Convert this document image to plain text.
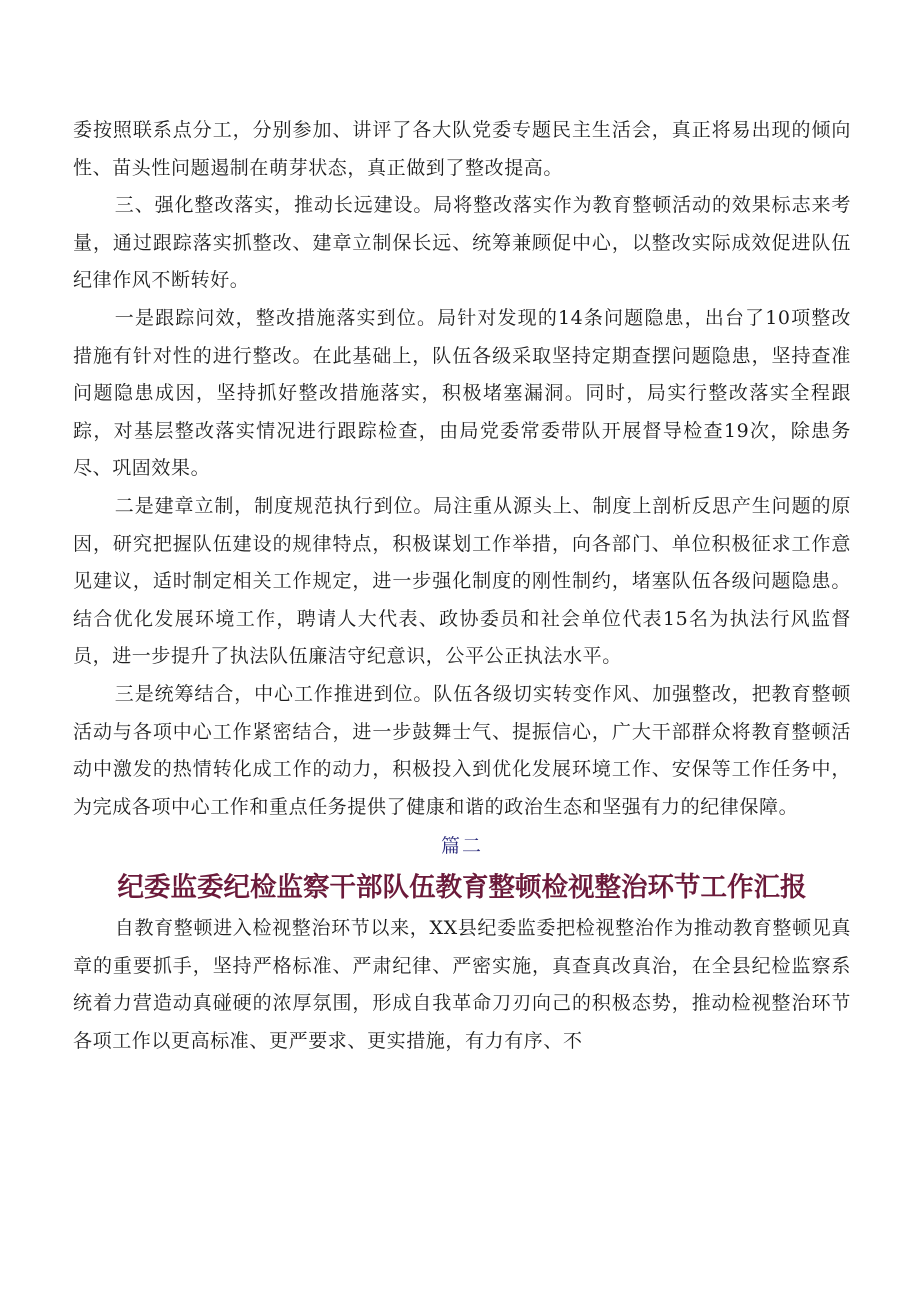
委按照联系点分工，分别参加、讲评了各大队党委专题民主生活会，真正将易出现的倾向性、苗头性问题遏制在萌芽状态，真正做到了整改提高。

三、强化整改落实，推动长远建设。局将整改落实作为教育整顿活动的效果标志来考量，通过跟踪落实抓整改、建章立制保长远、统筹兼顾促中心，以整改实际成效促进队伍纪律作风不断转好。

一是跟踪问效，整改措施落实到位。局针对发现的14条问题隐患，出台了10项整改措施有针对性的进行整改。在此基础上，队伍各级采取坚持定期查摆问题隐患，坚持查准问题隐患成因，坚持抓好整改措施落实，积极堵塞漏洞。同时，局实行整改落实全程跟踪，对基层整改落实情况进行跟踪检查，由局党委常委带队开展督导检查19次，除患务尽、巩固效果。

二是建章立制，制度规范执行到位。局注重从源头上、制度上剖析反思产生问题的原因，研究把握队伍建设的规律特点，积极谋划工作举措，向各部门、单位积极征求工作意见建议，适时制定相关工作规定，进一步强化制度的刚性制约，堵塞队伍各级问题隐患。结合优化发展环境工作，聘请人大代表、政协委员和社会单位代表15名为执法行风监督员，进一步提升了执法队伍廉洁守纪意识，公平公正执法水平。

三是统筹结合，中心工作推进到位。队伍各级切实转变作风、加强整改，把教育整顿活动与各项中心工作紧密结合，进一步鼓舞士气、提振信心，广大干部群众将教育整顿活动中激发的热情转化成工作的动力，积极投入到优化发展环境工作、安保等工作任务中，为完成各项中心工作和重点任务提供了健康和谐的政治生态和坚强有力的纪律保障。

篇二

纪委监委纪检监察干部队伍教育整顿检视整治环节工作汇报

自教育整顿进入检视整治环节以来，XX县纪委监委把检视整治作为推动教育整顿见真章的重要抓手，坚持严格标准、严肃纪律、严密实施，真查真改真治，在全县纪检监察系统着力营造动真碰硬的浓厚氛围，形成自我革命刀刃向己的积极态势，推动检视整治环节各项工作以更高标准、更严要求、更实措施，有力有序、不
